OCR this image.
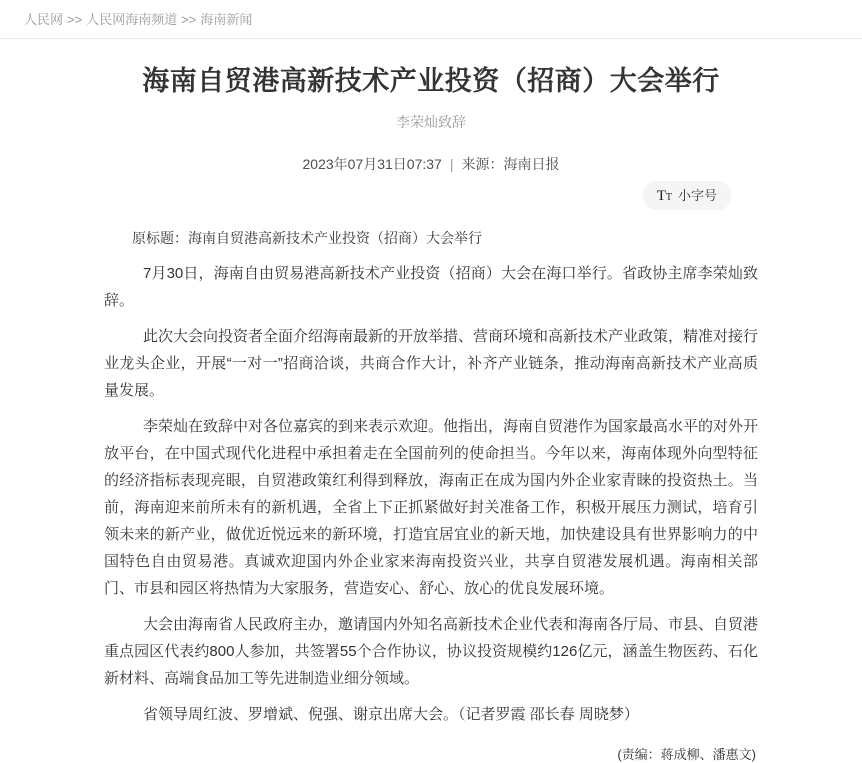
人民网 >> 人民网海南频道 >> 海南新闻
海南自贸港高新技术产业投资（招商）大会举行
李荣灿致辞
2023年07月31日07:37 | 来源：海南日报
TT 小字号
原标题：海南自贸港高新技术产业投资（招商）大会举行

7月30日，海南自由贸易港高新技术产业投资（招商）大会在海口举行。省政协主席李荣灿致辞。

此次大会向投资者全面介绍海南最新的开放举措、营商环境和高新技术产业政策，精准对接行业龙头企业，开展“一对一”招商洽谈，共商合作大计，补齐产业链条，推动海南高新技术产业高质量发展。

李荣灿在致辞中对各位嘉宾的到来表示欢迎。他指出，海南自贸港作为国家最高水平的对外开放平台，在中国式现代化进程中承担着走在全国前列的使命担当。今年以来，海南体现外向型特征的经济指标表现亮眼，自贸港政策红利得到释放，海南正在成为国内外企业家青睐的投资热土。当前，海南迎来前所未有的新机遇，全省上下正抓紧做好封关准备工作，积极开展压力测试，培育引领未来的新产业，做优近悦远来的新环境，打造宜居宜业的新天地，加快建设具有世界影响力的中国特色自由贸易港。真诚欢迎国内外企业家来海南投资兴业，共享自贸港发展机遇。海南相关部门、市县和园区将热情为大家服务，营造安心、舒心、放心的优良发展环境。

大会由海南省人民政府主办，邀请国内外知名高新技术企业代表和海南各厅局、市县、自贸港重点园区代表约800人参加，共签署55个合作协议，协议投资规模约126亿元，涵盖生物医药、石化新材料、高端食品加工等先进制造业细分领域。

省领导周红波、罗增斌、倪强、谢京出席大会。（记者罗霞 邵长春 周晓梦）

(责编：蒋成柳、潘惠文)
